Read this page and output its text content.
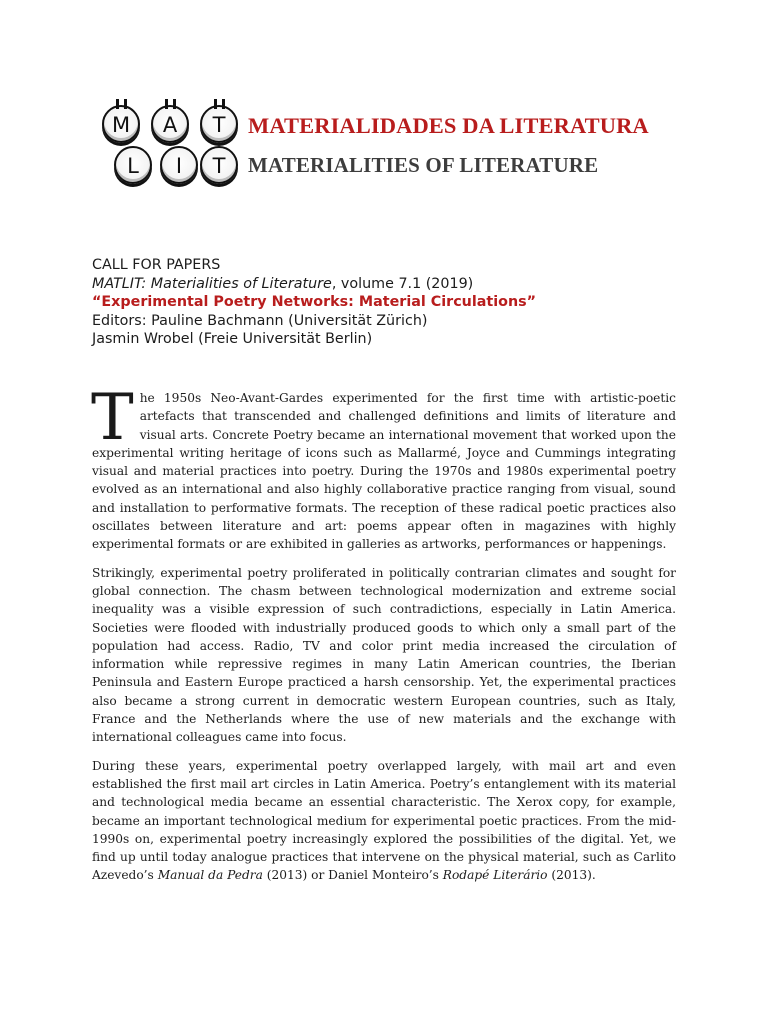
M	A	T
L	I	T
MATERIALIDADES DA LITERATURA
MATERIALITIES OF LITERATURE
CALL FOR PAPERS
MATLIT: Materialities of Literature, volume 7.1 (2019)
“Experimental Poetry Networks: Material Circulations”
Editors: Pauline Bachmann (Universität Zürich)
Jasmin Wrobel (Freie Universität Berlin)

The 1950s Neo-Avant-Gardes experimented for the first time with artistic-poetic artefacts that transcended and challenged definitions and limits of literature and visual arts. Concrete Poetry became an international movement that worked upon the experimental writing heritage of icons such as Mallarmé, Joyce and Cummings integrating visual and material practices into poetry. During the 1970s and 1980s experimental poetry evolved as an international and also highly collaborative practice ranging from visual, sound and installation to performative formats. The reception of these radical poetic practices also oscillates between literature and art: poems appear often in magazines with highly experimental formats or are exhibited in galleries as artworks, performances or happenings.

Strikingly, experimental poetry proliferated in politically contrarian climates and sought for global connection. The chasm between technological modernization and extreme social inequality was a visible expression of such contradictions, especially in Latin America. Societies were flooded with industrially produced goods to which only a small part of the population had access. Radio, TV and color print media increased the circulation of information while repressive regimes in many Latin American countries, the Iberian Peninsula and Eastern Europe practiced a harsh censorship. Yet, the experimental practices also became a strong current in democratic western European countries, such as Italy, France and the Netherlands where the use of new materials and the exchange with international colleagues came into focus.

During these years, experimental poetry overlapped largely, with mail art and even established the first mail art circles in Latin America. Poetry’s entanglement with its material and technological media became an essential characteristic. The Xerox copy, for example, became an important technological medium for experimental poetic practices. From the mid-1990s on, experimental poetry increasingly explored the possibilities of the digital. Yet, we find up until today analogue practices that intervene on the physical material, such as Carlito Azevedo’s Manual da Pedra (2013) or Daniel Monteiro’s Rodapé Literário (2013).
